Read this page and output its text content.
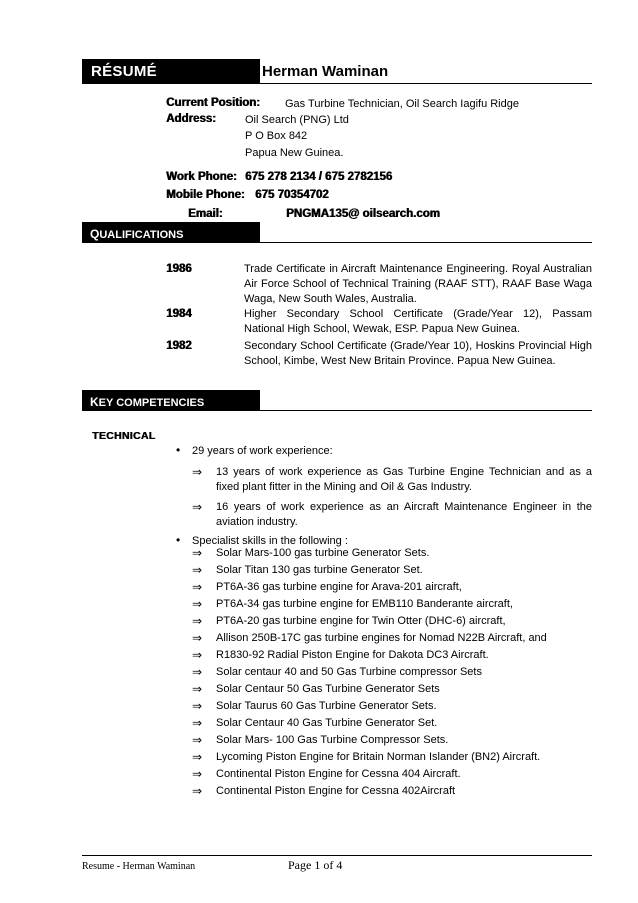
RÉSUMÉ	Herman Waminan
Current Position: Gas Turbine Technician, Oil Search Iagifu Ridge
Address:	Oil Search (PNG) Ltd
P O Box 842
Papua New Guinea.
Work Phone: 675 278 2134 / 675 2782156
Mobile Phone: 675 70354702
Email:	PNGMA135@ oilsearch.com
QUALIFICATIONS
1986	Trade Certificate in Aircraft Maintenance Engineering. Royal Australian Air Force School of Technical Training (RAAF STT), RAAF Base Waga Waga, New South Wales, Australia.
1984	Higher Secondary School Certificate (Grade/Year 12), Passam National High School, Wewak, ESP. Papua New Guinea.
1982	Secondary School Certificate (Grade/Year 10), Hoskins Provincial High School, Kimbe, West New Britain Province. Papua New Guinea.
KEY COMPETENCIES
TECHNICAL
• 29 years of work experience:
⇒ 13 years of work experience as Gas Turbine Engine Technician and as a fixed plant fitter in the Mining and Oil & Gas Industry.
⇒ 16 years of work experience as an Aircraft Maintenance Engineer in the aviation industry.
• Specialist skills in the following :
⇒ Solar Mars-100 gas turbine Generator Sets.
⇒ Solar Titan 130 gas turbine Generator Set.
⇒ PT6A-36 gas turbine engine for Arava-201 aircraft,
⇒ PT6A-34 gas turbine engine for EMB110 Banderante aircraft,
⇒ PT6A-20 gas turbine engine for Twin Otter (DHC-6) aircraft,
⇒ Allison 250B-17C gas turbine engines for Nomad N22B Aircraft, and
⇒ R1830-92 Radial Piston Engine for Dakota DC3 Aircraft.
⇒ Solar centaur 40 and 50 Gas Turbine compressor Sets
⇒ Solar Centaur 50 Gas Turbine Generator Sets
⇒ Solar Taurus 60 Gas Turbine Generator Sets.
⇒ Solar Centaur 40 Gas Turbine Generator Set.
⇒ Solar Mars- 100 Gas Turbine Compressor Sets.
⇒ Lycoming Piston Engine for Britain Norman Islander (BN2) Aircraft.
⇒ Continental Piston Engine for Cessna 404 Aircraft.
⇒ Continental Piston Engine for Cessna 402Aircraft
Resume - Herman Waminan	Page 1 of 4
